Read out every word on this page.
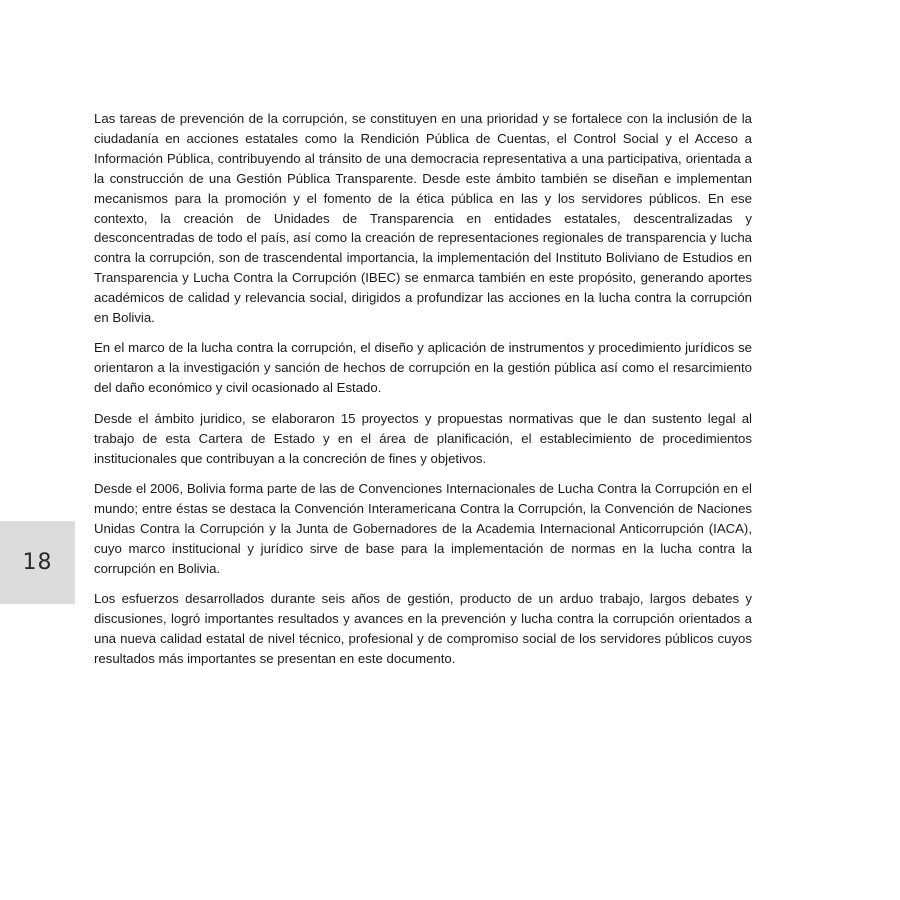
Las tareas de prevención de la corrupción, se constituyen en una prioridad y se fortalece con la inclusión de la ciudadanía en acciones estatales como la Rendición Pública de Cuentas, el Control Social y el Acceso a Información Pública, contribuyendo al tránsito de una democracia representativa a una participativa, orientada a la construcción de una Gestión Pública Transparente. Desde este ámbito también se diseñan e implementan mecanismos para la promoción y el fomento de la ética pública en las y los servidores públicos. En ese contexto, la creación de Unidades de Transparencia en entidades estatales, descentralizadas y desconcentradas de todo el país, así como la creación de representaciones regionales de transparencia y lucha contra la corrupción, son de trascendental importancia, la implementación del Instituto Boliviano de Estudios en Transparencia y Lucha Contra la Corrupción (IBEC) se enmarca también en este propósito, generando aportes académicos de calidad y relevancia social, dirigidos a profundizar las acciones en la lucha contra la corrupción en Bolivia.

En el marco de la lucha contra la corrupción, el diseño y aplicación de instrumentos y procedimiento jurídicos se orientaron a la investigación y sanción de hechos de corrupción en la gestión pública así como el resarcimiento del daño económico y civil ocasionado al Estado.

Desde el ámbito juridico, se elaboraron 15 proyectos y propuestas normativas que le dan sustento legal al trabajo de esta Cartera de Estado y en el área de planificación, el establecimiento de procedimientos institucionales que contribuyan a la concreción de fines y objetivos.

Desde el 2006, Bolivia forma parte de las de Convenciones Internacionales de Lucha Contra la Corrupción en el mundo; entre éstas se destaca la Convención Interamericana Contra la Corrupción, la Convención de Naciones Unidas Contra la Corrupción y la Junta de Gobernadores de la Academia Internacional Anticorrupción (IACA), cuyo marco institucional y jurídico sirve de base para la implementación de normas en la lucha contra la corrupción en Bolivia.

Los esfuerzos desarrollados durante seis años de gestión, producto de un arduo trabajo, largos debates y discusiones, logró importantes resultados y avances en la prevención y lucha contra la corrupción orientados a una nueva calidad estatal de nivel técnico, profesional y de compromiso social de los servidores públicos cuyos resultados más importantes se presentan en este documento.

18
